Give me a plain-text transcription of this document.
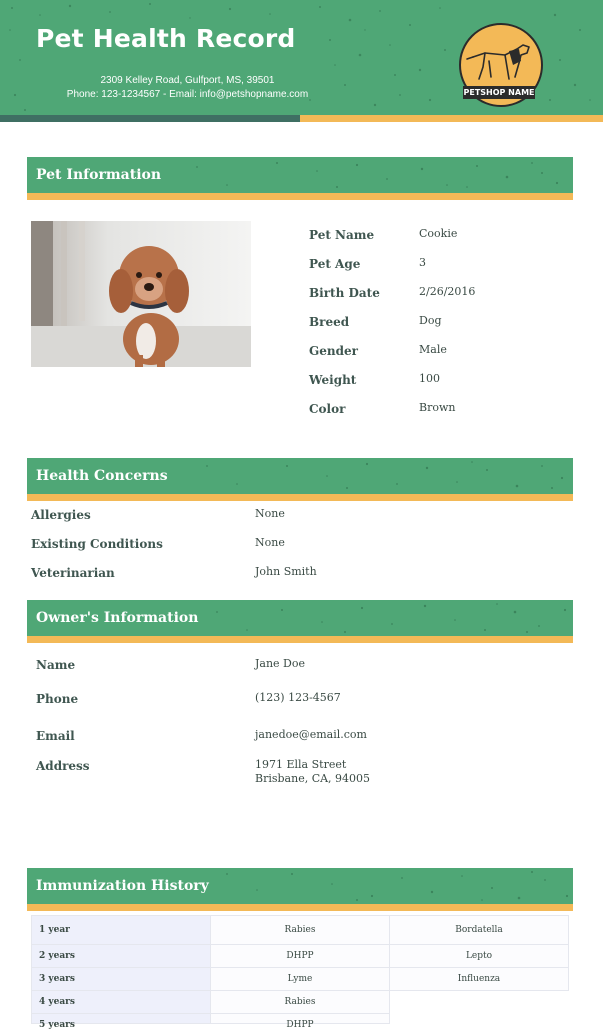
Pet Health Record
2309 Kelley Road, Gulfport, MS, 39501
Phone: 123-1234567 - Email: info@petshopname.com	PETSHOP NAME
Pet Information
Pet Name	Cookie
Pet Age	3
Birth Date	2/26/2016
Breed	Dog
Gender	Male
Weight	100
Color	Brown
Health Concerns
Allergies	None
Existing Conditions	None
Veterinarian	John Smith
Owner's Information
Name	Jane Doe
Phone	(123) 123-4567
Email	janedoe@email.com
Address	1971 Ella Street
Brisbane, CA, 94005
Immunization History
1 year	Rabies	Bordatella
2 years	DHPP	Lepto
3 years	Lyme	Influenza
4 years	Rabies
5 years	DHPP
